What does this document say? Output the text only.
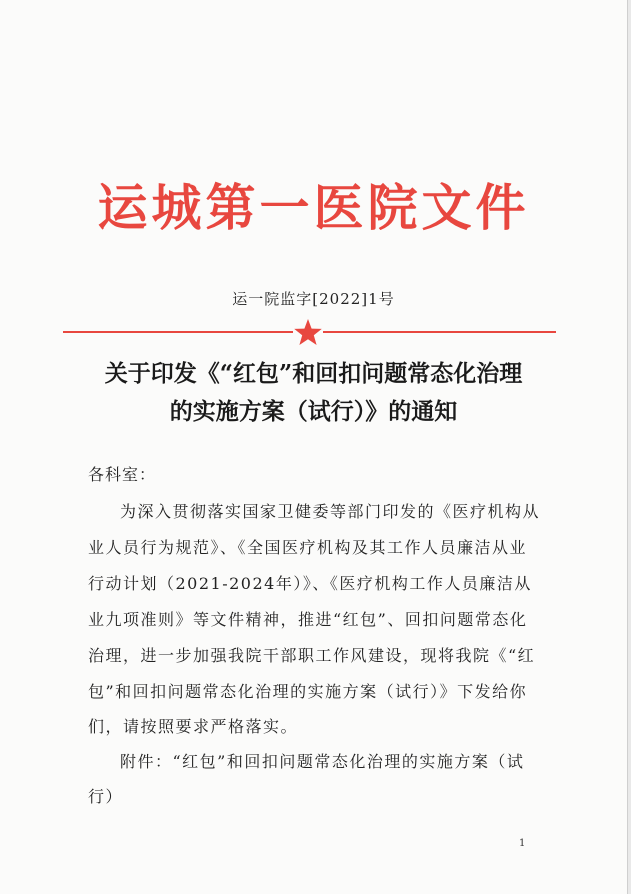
运城第一医院文件
运一院监字[2022]1号
关于印发《“红包”和回扣问题常态化治理
的实施方案（试行）》的通知
各科室：
为深入贯彻落实国家卫健委等部门印发的《医疗机构从
业人员行为规范》、《全国医疗机构及其工作人员廉洁从业
行动计划（2021-2024年）》、《医疗机构工作人员廉洁从
业九项准则》等文件精神，推进“红包”、回扣问题常态化
治理，进一步加强我院干部职工作风建设，现将我院《“红
包”和回扣问题常态化治理的实施方案（试行）》下发给你
们，请按照要求严格落实。
附件：“红包”和回扣问题常态化治理的实施方案（试
行）
1
